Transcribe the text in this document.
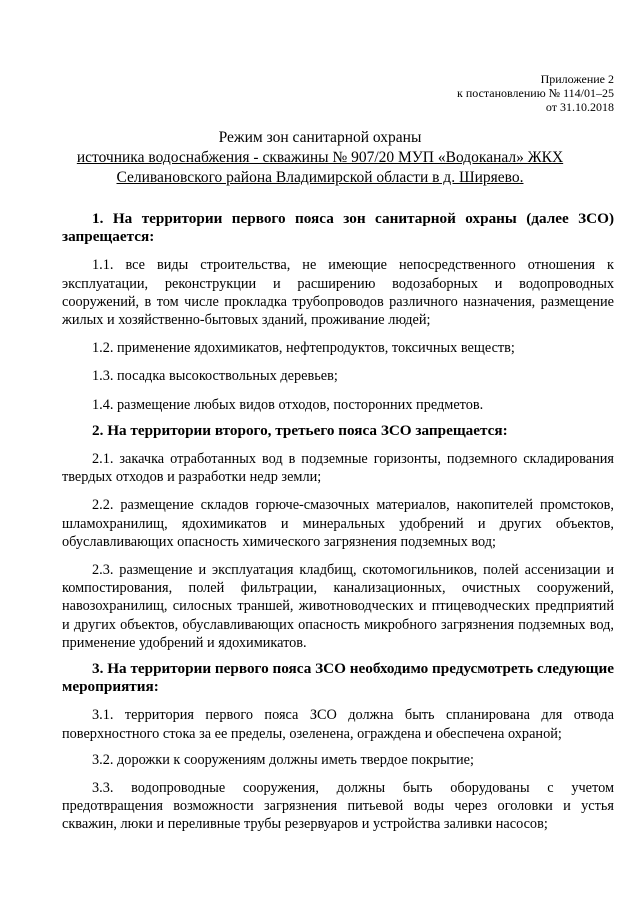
Приложение 2
к постановлению № 114/01–25
от 31.10.2018
Режим зон санитарной охраны
источника водоснабжения - скважины № 907/20 МУП «Водоканал» ЖКХ
Селивановского района Владимирской области в д. Ширяево.
1. На территории первого пояса зон санитарной охраны (далее ЗСО) запрещается:
1.1. все виды строительства, не имеющие непосредственного отношения к эксплуатации, реконструкции и расширению водозаборных и водопроводных сооружений, в том числе прокладка трубопроводов различного назначения, размещение жилых и хозяйственно-бытовых зданий, проживание людей;
1.2. применение ядохимикатов, нефтепродуктов, токсичных веществ;
1.3. посадка высокоствольных деревьев;
1.4. размещение любых видов отходов, посторонних предметов.
2. На территории второго, третьего пояса ЗСО запрещается:
2.1. закачка отработанных вод в подземные горизонты, подземного складирования твердых отходов и разработки недр земли;
2.2. размещение складов горюче-смазочных материалов, накопителей промстоков, шламохранилищ, ядохимикатов и минеральных удобрений и других объектов, обуславливающих опасность химического загрязнения подземных вод;
2.3. размещение и эксплуатация кладбищ, скотомогильников, полей ассенизации и компостирования, полей фильтрации, канализационных, очистных сооружений, навозохранилищ, силосных траншей, животноводческих и птицеводческих предприятий и других объектов, обуславливающих опасность микробного загрязнения подземных вод, применение удобрений и ядохимикатов.
3. На территории первого пояса ЗСО необходимо предусмотреть следующие мероприятия:
3.1. территория первого пояса ЗСО должна быть спланирована для отвода поверхностного стока за ее пределы, озеленена, ограждена и обеспечена охраной;
3.2. дорожки к сооружениям должны иметь твердое покрытие;
3.3. водопроводные сооружения, должны быть оборудованы с учетом предотвращения возможности загрязнения питьевой воды через оголовки и устья скважин, люки и переливные трубы резервуаров и устройства заливки насосов;
